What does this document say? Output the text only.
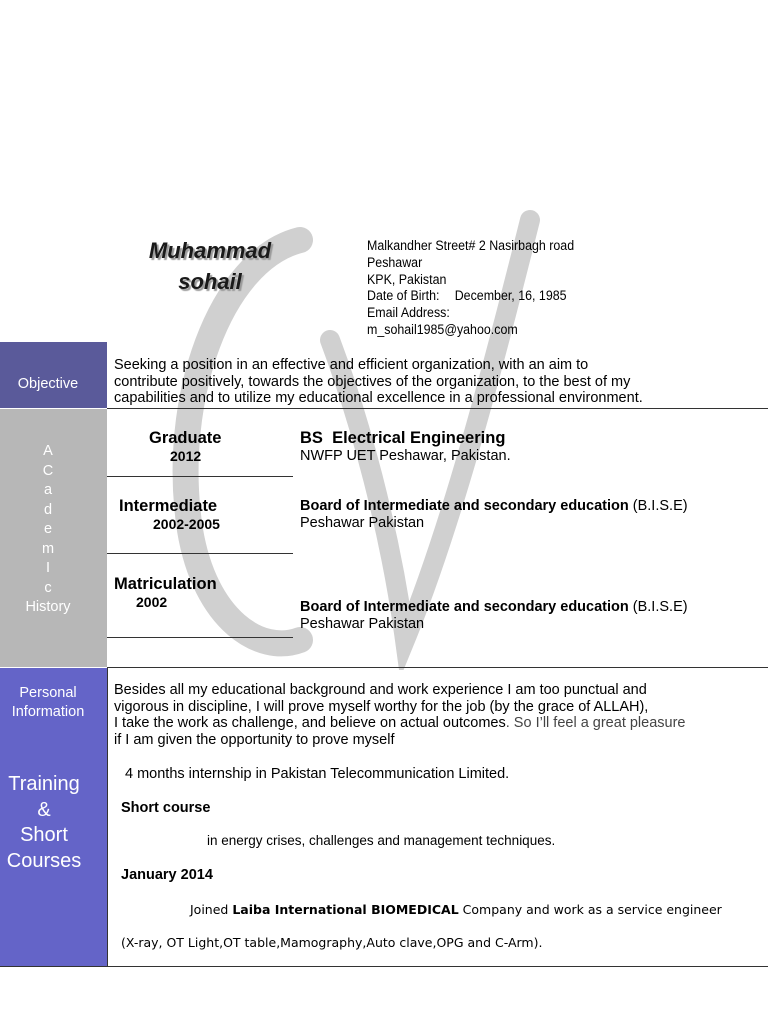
Muhammad
sohail
Malkandher Street# 2 Nasirbagh road
Peshawar
KPK, Pakistan
Date of Birth: December, 16, 1985
Email Address:
m_sohail1985@yahoo.com
Objective
Seeking a position in an effective and efficient organization, with an aim to
contribute positively, towards the objectives of the organization, to the best of my
capabilities and to utilize my educational excellence in a professional environment.
A
C
a
d
e
m
I
c
History
Graduate
2012
BS  Electrical Engineering
NWFP UET Peshawar, Pakistan.
Intermediate
2002-2005
Board of Intermediate and secondary education (B.I.S.E)
Peshawar Pakistan
Matriculation
2002	Board of Intermediate and secondary education (B.I.S.E)
Peshawar Pakistan
Personal
Information
Besides all my educational background and work experience I am too punctual and
vigorous in discipline, I will prove myself worthy for the job (by the grace of ALLAH),
I take the work as challenge, and believe on actual outcomes. So I’ll feel a great pleasure
if I am given the opportunity to prove myself
Training
&
Short
Courses
4 months internship in Pakistan Telecommunication Limited.
Short course
in energy crises, challenges and management techniques.
January 2014
Joined Laiba International BIOMEDICAL Company and work as a service engineer
(X-ray, OT Light,OT table,Mamography,Auto clave,OPG and C-Arm).
